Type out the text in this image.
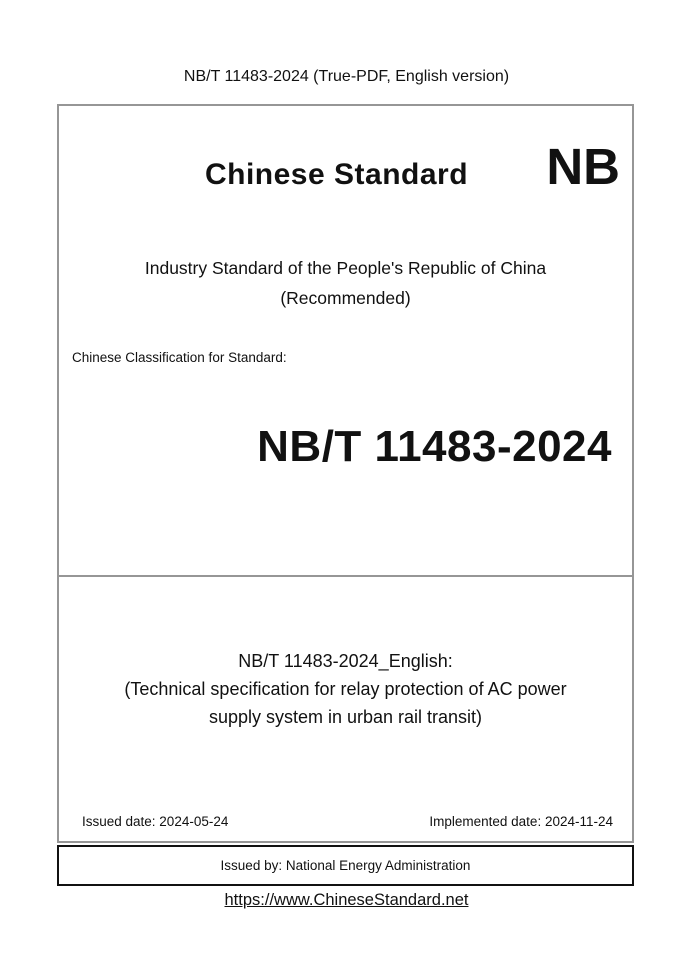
NB/T 11483-2024 (True-PDF, English version)
Chinese Standard	NB
Industry Standard of the People's Republic of China
(Recommended)
Chinese Classification for Standard:
NB/T 11483-2024
NB/T 11483-2024_English:
(Technical specification for relay protection of AC power
supply system in urban rail transit)
Issued date: 2024-05-24	Implemented date: 2024-11-24
Issued by: National Energy Administration
https://www.ChineseStandard.net
